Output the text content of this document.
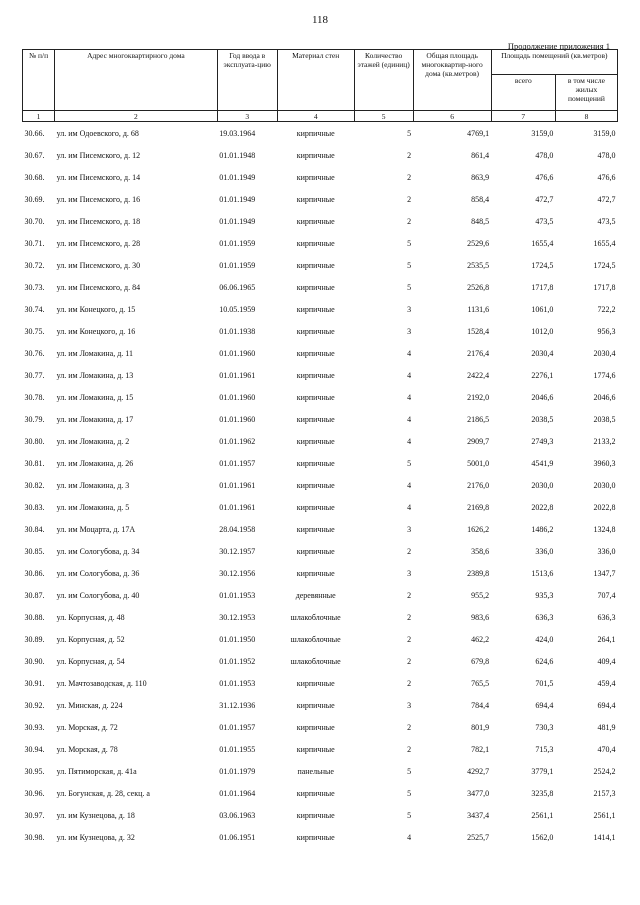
118
Продолжение приложения 1
№ п/п	Адрес многоквартирного дома	Год ввода в эксплуата-цию	Материал стен	Количество этажей (единиц)	Общая площадь многоквартир-ного дома (кв.метров)	Площадь помещений (кв.метров)	
						всего	в том числе жилых помещений
1	2	3	4	5	6	7	8
30.66.	ул. им Одоевского, д. 68	19.03.1964	кирпичные	5	4769,1	3159,0	3159,0
30.67.	ул. им Писемского, д. 12	01.01.1948	кирпичные	2	861,4	478,0	478,0
30.68.	ул. им Писемского, д. 14	01.01.1949	кирпичные	2	863,9	476,6	476,6
30.69.	ул. им Писемского, д. 16	01.01.1949	кирпичные	2	858,4	472,7	472,7
30.70.	ул. им Писемского, д. 18	01.01.1949	кирпичные	2	848,5	473,5	473,5
30.71.	ул. им Писемского, д. 28	01.01.1959	кирпичные	5	2529,6	1655,4	1655,4
30.72.	ул. им Писемского, д. 30	01.01.1959	кирпичные	5	2535,5	1724,5	1724,5
30.73.	ул. им Писемского, д. 84	06.06.1965	кирпичные	5	2526,8	1717,8	1717,8
30.74.	ул. им Конецкого, д. 15	10.05.1959	кирпичные	3	1131,6	1061,0	722,2
30.75.	ул. им Конецкого, д. 16	01.01.1938	кирпичные	3	1528,4	1012,0	956,3
30.76.	ул. им Ломакина, д. 11	01.01.1960	кирпичные	4	2176,4	2030,4	2030,4
30.77.	ул. им Ломакина, д. 13	01.01.1961	кирпичные	4	2422,4	2276,1	1774,6
30.78.	ул. им Ломакина, д. 15	01.01.1960	кирпичные	4	2192,0	2046,6	2046,6
30.79.	ул. им Ломакина, д. 17	01.01.1960	кирпичные	4	2186,5	2038,5	2038,5
30.80.	ул. им Ломакина, д. 2	01.01.1962	кирпичные	4	2909,7	2749,3	2133,2
30.81.	ул. им Ломакина, д. 26	01.01.1957	кирпичные	5	5001,0	4541,9	3960,3
30.82.	ул. им Ломакина, д. 3	01.01.1961	кирпичные	4	2176,0	2030,0	2030,0
30.83.	ул. им Ломакина, д. 5	01.01.1961	кирпичные	4	2169,8	2022,8	2022,8
30.84.	ул. им Моцарта, д. 17А	28.04.1958	кирпичные	3	1626,2	1486,2	1324,8
30.85.	ул. им Сологубова, д. 34	30.12.1957	кирпичные	2	358,6	336,0	336,0
30.86.	ул. им Сологубова, д. 36	30.12.1956	кирпичные	3	2389,8	1513,6	1347,7
30.87.	ул. им Сологубова, д. 40	01.01.1953	деревянные	2	955,2	935,3	707,4
30.88.	ул. Корпусная, д. 48	30.12.1953	шлакоблочные	2	983,6	636,3	636,3
30.89.	ул. Корпусная, д. 52	01.01.1950	шлакоблочные	2	462,2	424,0	264,1
30.90.	ул. Корпусная, д. 54	01.01.1952	шлакоблочные	2	679,8	624,6	409,4
30.91.	ул. Мачтозаводская, д. 110	01.01.1953	кирпичные	2	765,5	701,5	459,4
30.92.	ул. Минская, д. 224	31.12.1936	кирпичные	3	784,4	694,4	694,4
30.93.	ул. Морская, д. 72	01.01.1957	кирпичные	2	801,9	730,3	481,9
30.94.	ул. Морская, д. 78	01.01.1955	кирпичные	2	782,1	715,3	470,4
30.95.	ул. Пятиморская, д. 41а	01.01.1979	панельные	5	4292,7	3779,1	2524,2
30.96.	ул. Богунская, д. 28, секц. а	01.01.1964	кирпичные	5	3477,0	3235,8	2157,3
30.97.	ул. им Кузнецова, д. 18	03.06.1963	кирпичные	5	3437,4	2561,1	2561,1
30.98.	ул. им Кузнецова, д. 32	01.06.1951	кирпичные	4	2525,7	1562,0	1414,1
